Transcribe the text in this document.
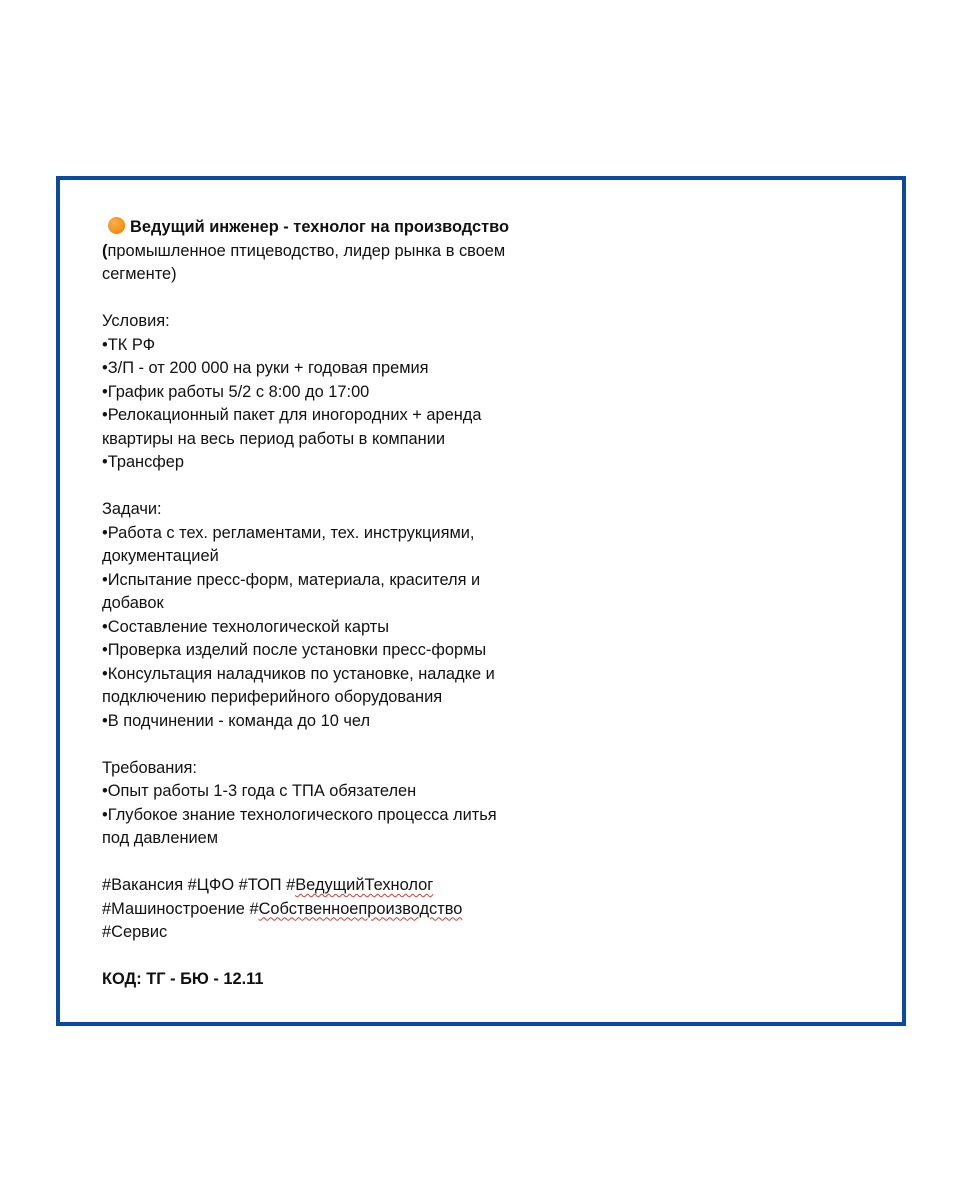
Ведущий инженер - технолог на производство
(промышленное птицеводство, лидер рынка в своем
сегменте)
Условия:
•ТК РФ
•З/П - от 200 000 на руки + годовая премия
•График работы 5/2 с 8:00 до 17:00
•Релокационный пакет для иногородних + аренда
квартиры на весь период работы в компании
•Трансфер
Задачи:
•Работа с тех. регламентами, тех. инструкциями,
документацией
•Испытание пресс-форм, материала, красителя и
добавок
•Составление технологической карты
•Проверка изделий после установки пресс-формы
•Консультация наладчиков по установке, наладке и
подключению периферийного оборудования
•В подчинении - команда до 10 чел
Требования:
•Опыт работы 1-3 года с ТПА обязателен
•Глубокое знание технологического процесса литья
под давлением
#Вакансия #ЦФО #ТОП #ВедущийТехнолог
#Машиностроение #Собственноепроизводство
#Сервис
КОД: ТГ - БЮ - 12.11
